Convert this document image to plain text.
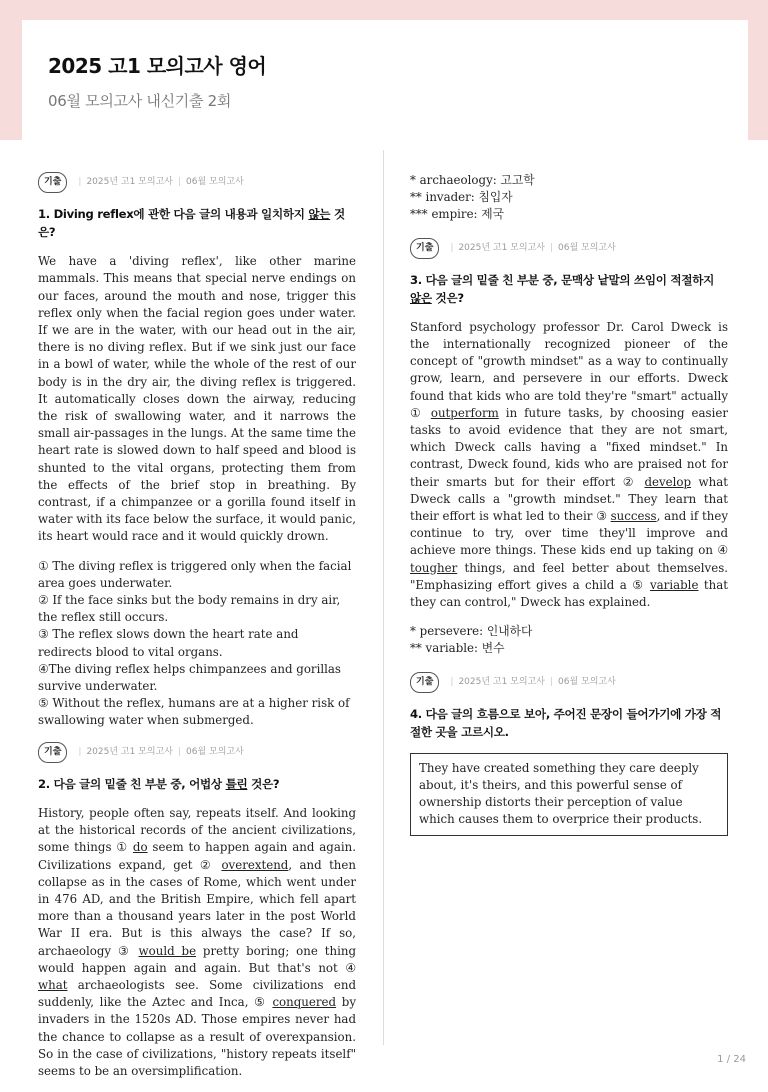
2025 고1 모의고사 영어
06월 모의고사 내신기출 2회
기출	| 2025년 고1 모의고사 | 06월 모의고사

1. Diving reflex에 관한 다음 글의 내용과 일치하지 않는 것은?

We have a 'diving reflex', like other marine mammals. This means that special nerve endings on our faces, around the mouth and nose, trigger this reflex only when the facial region goes under water. If we are in the water, with our head out in the air, there is no diving reflex. But if we sink just our face in a bowl of water, while the whole of the rest of our body is in the dry air, the diving reflex is triggered. It automatically closes down the airway, reducing the risk of swallowing water, and it narrows the small air-passages in the lungs. At the same time the heart rate is slowed down to half speed and blood is shunted to the vital organs, protecting them from the effects of the brief stop in breathing. By contrast, if a chimpanzee or a gorilla found itself in water with its face below the surface, it would panic, its heart would race and it would quickly drown.

① The diving reflex is triggered only when the facial area goes underwater.
② If the face sinks but the body remains in dry air, the reflex still occurs.
③ The reflex slows down the heart rate and redirects blood to vital organs.
④The diving reflex helps chimpanzees and gorillas survive underwater.
⑤ Without the reflex, humans are at a higher risk of swallowing water when submerged.
기출	| 2025년 고1 모의고사 | 06월 모의고사

2. 다음 글의 밑줄 친 부분 중, 어법상 틀린 것은?

History, people often say, repeats itself. And looking at the historical records of the ancient civilizations, some things ① do seem to happen again and again. Civilizations expand, get ② overextend, and then collapse as in the cases of Rome, which went under in 476 AD, and the British Empire, which fell apart more than a thousand years later in the post World War II era. But is this always the case? If so, archaeology ③ would be pretty boring; one thing would happen again and again. But that's not ④ what archaeologists see. Some civilizations end suddenly, like the Aztec and Inca, ⑤ conquered by invaders in the 1520s AD. Those empires never had the chance to collapse as a result of overexpansion. So in the case of civilizations, "history repeats itself" seems to be an oversimplification.

* archaeology: 고고학
** invader: 침입자
*** empire: 제국
기출	| 2025년 고1 모의고사 | 06월 모의고사

3. 다음 글의 밑줄 친 부분 중, 문맥상 낱말의 쓰임이 적절하지 않은 것은?

Stanford psychology professor Dr. Carol Dweck is the internationally recognized pioneer of the concept of "growth mindset" as a way to continually grow, learn, and persevere in our efforts. Dweck found that kids who are told they're "smart" actually ① outperform in future tasks, by choosing easier tasks to avoid evidence that they are not smart, which Dweck calls having a "fixed mindset." In contrast, Dweck found, kids who are praised not for their smarts but for their effort ② develop what Dweck calls a "growth mindset." They learn that their effort is what led to their ③ success, and if they continue to try, over time they'll improve and achieve more things. These kids end up taking on ④ tougher things, and feel better about themselves. "Emphasizing effort gives a child a ⑤ variable that they can control," Dweck has explained.

* persevere: 인내하다
** variable: 변수
기출	| 2025년 고1 모의고사 | 06월 모의고사

4. 다음 글의 흐름으로 보아, 주어진 문장이 들어가기에 가장 적절한 곳을 고르시오.

They have created something they care deeply about, it's theirs, and this powerful sense of ownership distorts their perception of value which causes them to overprice their products.
1 / 24
